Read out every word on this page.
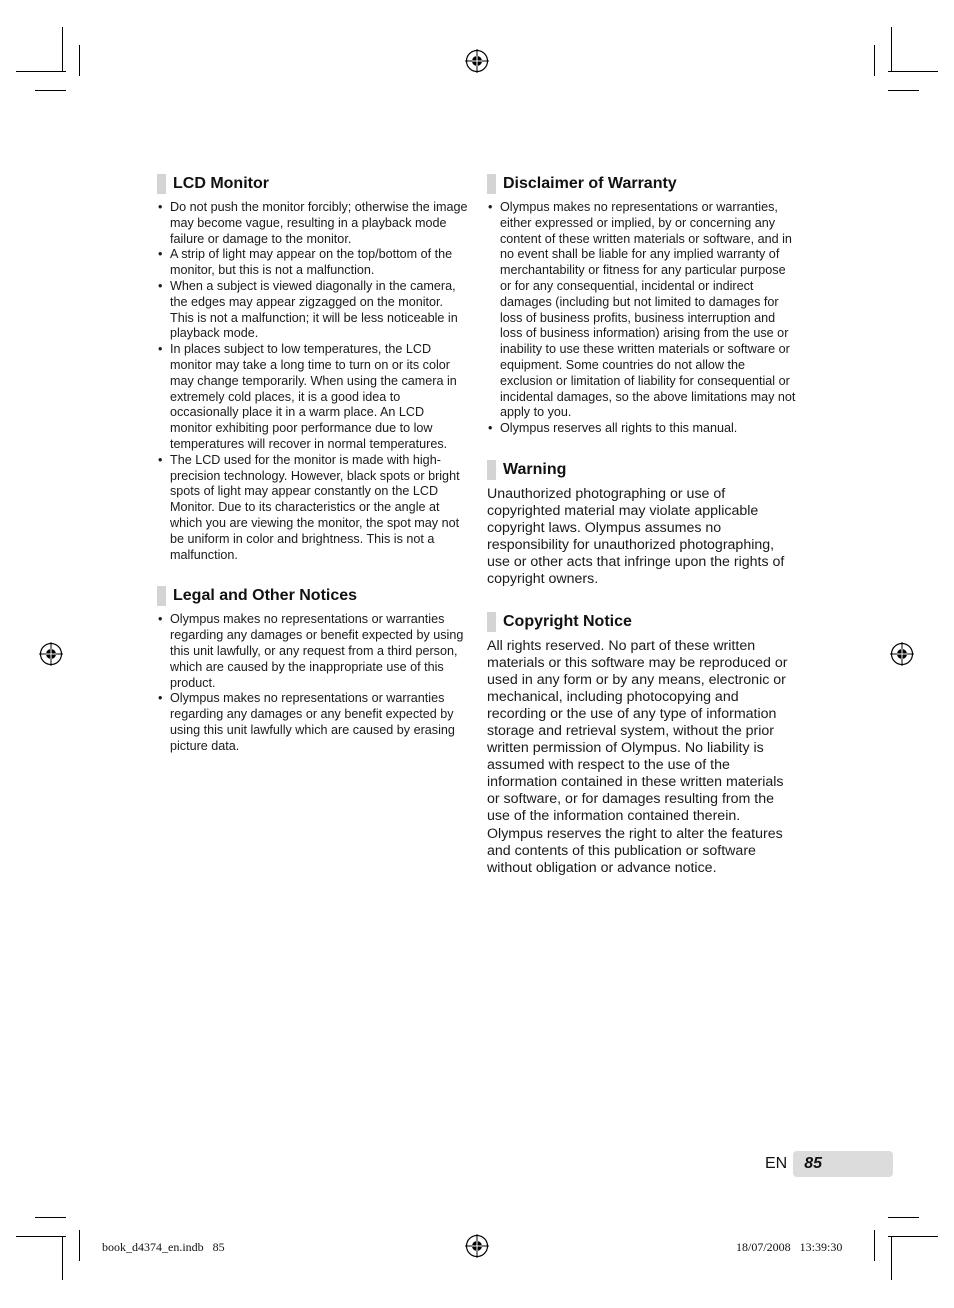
LCD Monitor
• Do not push the monitor forcibly; otherwise the image may become vague, resulting in a playback mode failure or damage to the monitor.
• A strip of light may appear on the top/bottom of the monitor, but this is not a malfunction.
• When a subject is viewed diagonally in the camera, the edges may appear zigzagged on the monitor. This is not a malfunction; it will be less noticeable in playback mode.
• In places subject to low temperatures, the LCD monitor may take a long time to turn on or its color may change temporarily. When using the camera in extremely cold places, it is a good idea to occasionally place it in a warm place. An LCD monitor exhibiting poor performance due to low temperatures will recover in normal temperatures.
• The LCD used for the monitor is made with high-precision technology. However, black spots or bright spots of light may appear constantly on the LCD Monitor. Due to its characteristics or the angle at which you are viewing the monitor, the spot may not be uniform in color and brightness. This is not a malfunction.
Legal and Other Notices
• Olympus makes no representations or warranties regarding any damages or benefit expected by using this unit lawfully, or any request from a third person, which are caused by the inappropriate use of this product.
• Olympus makes no representations or warranties regarding any damages or any benefit expected by using this unit lawfully which are caused by erasing picture data.
Disclaimer of Warranty
• Olympus makes no representations or warranties, either expressed or implied, by or concerning any content of these written materials or software, and in no event shall be liable for any implied warranty of merchantability or fitness for any particular purpose or for any consequential, incidental or indirect damages (including but not limited to damages for loss of business profits, business interruption and loss of business information) arising from the use or inability to use these written materials or software or equipment. Some countries do not allow the exclusion or limitation of liability for consequential or incidental damages, so the above limitations may not apply to you.
• Olympus reserves all rights to this manual.
Warning

Unauthorized photographing or use of copyrighted material may violate applicable copyright laws. Olympus assumes no responsibility for unauthorized photographing, use or other acts that infringe upon the rights of copyright owners.

Copyright Notice

All rights reserved. No part of these written materials or this software may be reproduced or used in any form or by any means, electronic or mechanical, including photocopying and recording or the use of any type of information storage and retrieval system, without the prior written permission of Olympus. No liability is assumed with respect to the use of the information contained in these written materials or software, or for damages resulting from the use of the information contained therein. Olympus reserves the right to alter the features and contents of this publication or software without obligation or advance notice.

EN	85
book_d4374_en.indb   85	18/07/2008   13:39:30
